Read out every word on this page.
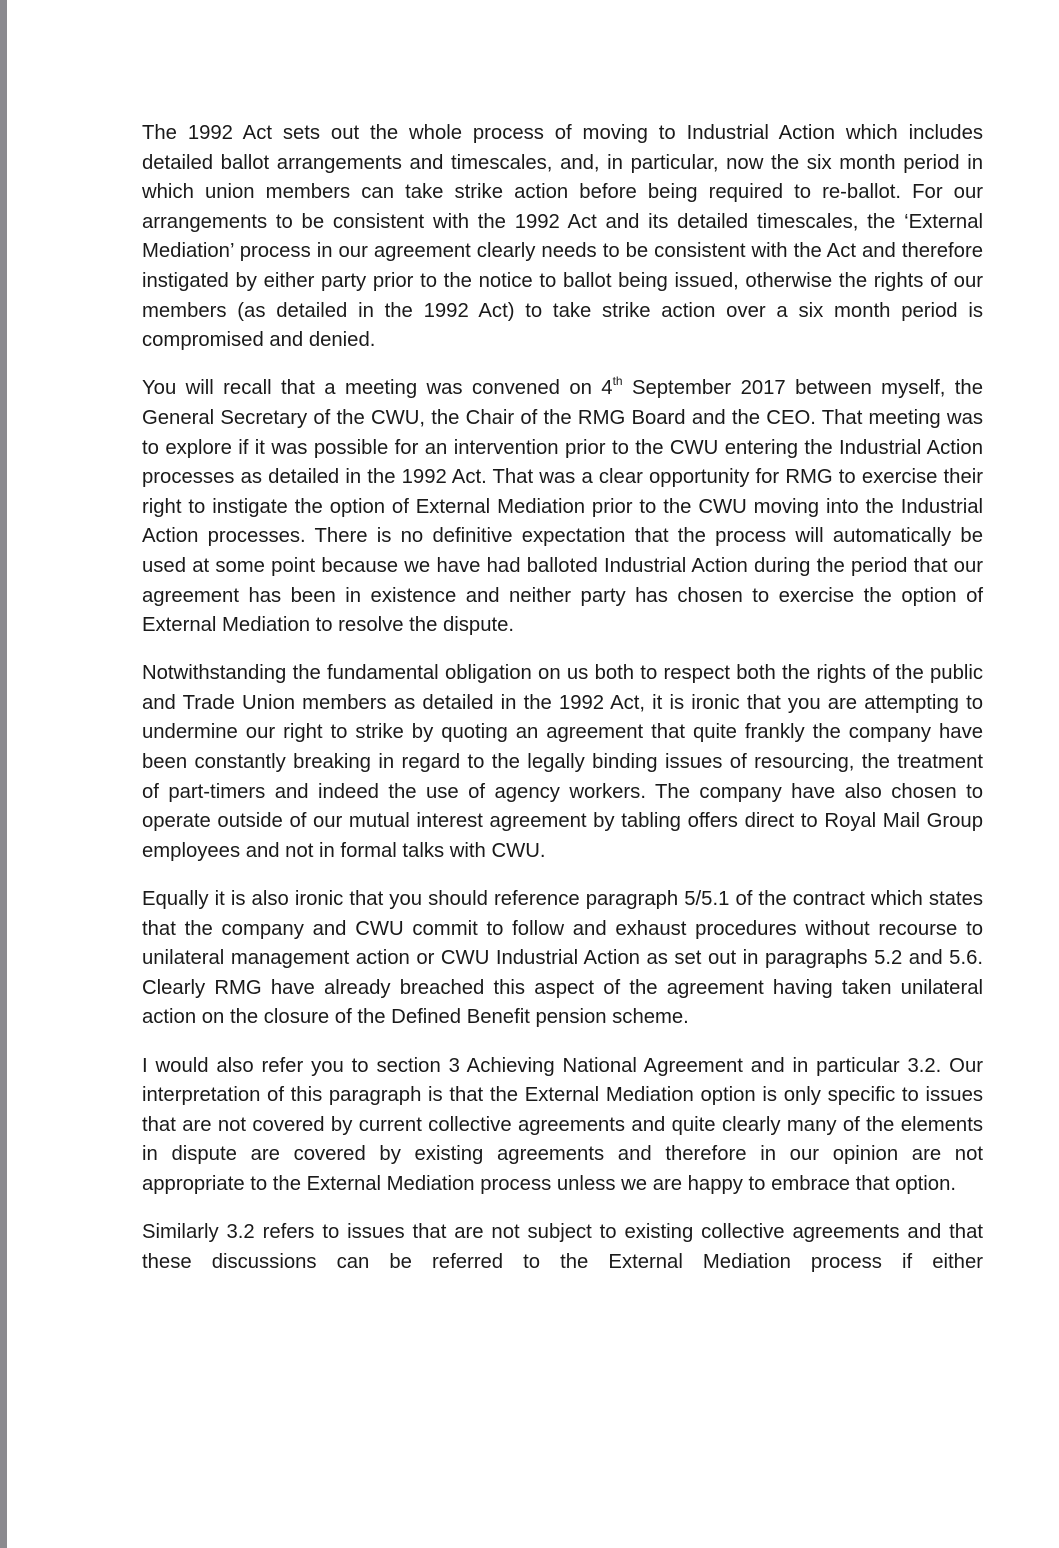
The 1992 Act sets out the whole process of moving to Industrial Action which includes detailed ballot arrangements and timescales, and, in particular, now the six month period in which union members can take strike action before being required to re-ballot. For our arrangements to be consistent with the 1992 Act and its detailed timescales, the ‘External Mediation’ process in our agreement clearly needs to be consistent with the Act and therefore instigated by either party prior to the notice to ballot being issued, otherwise the rights of our members (as detailed in the 1992 Act) to take strike action over a six month period is compromised and denied.

You will recall that a meeting was convened on 4th September 2017 between myself, the General Secretary of the CWU, the Chair of the RMG Board and the CEO. That meeting was to explore if it was possible for an intervention prior to the CWU entering the Industrial Action processes as detailed in the 1992 Act. That was a clear opportunity for RMG to exercise their right to instigate the option of External Mediation prior to the CWU moving into the Industrial Action processes. There is no definitive expectation that the process will automatically be used at some point because we have had balloted Industrial Action during the period that our agreement has been in existence and neither party has chosen to exercise the option of External Mediation to resolve the dispute.

Notwithstanding the fundamental obligation on us both to respect both the rights of the public and Trade Union members as detailed in the 1992 Act, it is ironic that you are attempting to undermine our right to strike by quoting an agreement that quite frankly the company have been constantly breaking in regard to the legally binding issues of resourcing, the treatment of part-timers and indeed the use of agency workers. The company have also chosen to operate outside of our mutual interest agreement by tabling offers direct to Royal Mail Group employees and not in formal talks with CWU.

Equally it is also ironic that you should reference paragraph 5/5.1 of the contract which states that the company and CWU commit to follow and exhaust procedures without recourse to unilateral management action or CWU Industrial Action as set out in paragraphs 5.2 and 5.6. Clearly RMG have already breached this aspect of the agreement having taken unilateral action on the closure of the Defined Benefit pension scheme.

I would also refer you to section 3 Achieving National Agreement and in particular 3.2. Our interpretation of this paragraph is that the External Mediation option is only specific to issues that are not covered by current collective agreements and quite clearly many of the elements in dispute are covered by existing agreements and therefore in our opinion are not appropriate to the External Mediation process unless we are happy to embrace that option.

Similarly 3.2 refers to issues that are not subject to existing collective agreements and that these discussions can be referred to the External Mediation process if either
